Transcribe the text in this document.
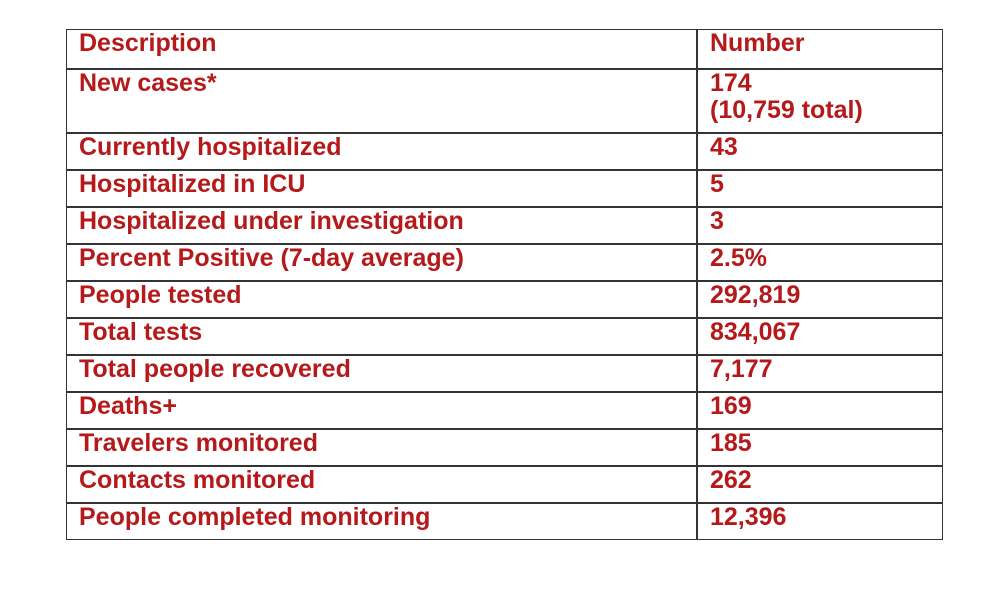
Description	Number
New cases*	174
(10,759 total)

Currently hospitalized	43
Hospitalized in ICU	5
Hospitalized under investigation	3
Percent Positive (7-day average)	2.5%
People tested	292,819
Total tests	834,067
Total people recovered	7,177
Deaths+	169
Travelers monitored	185
Contacts monitored	262
People completed monitoring	12,396
